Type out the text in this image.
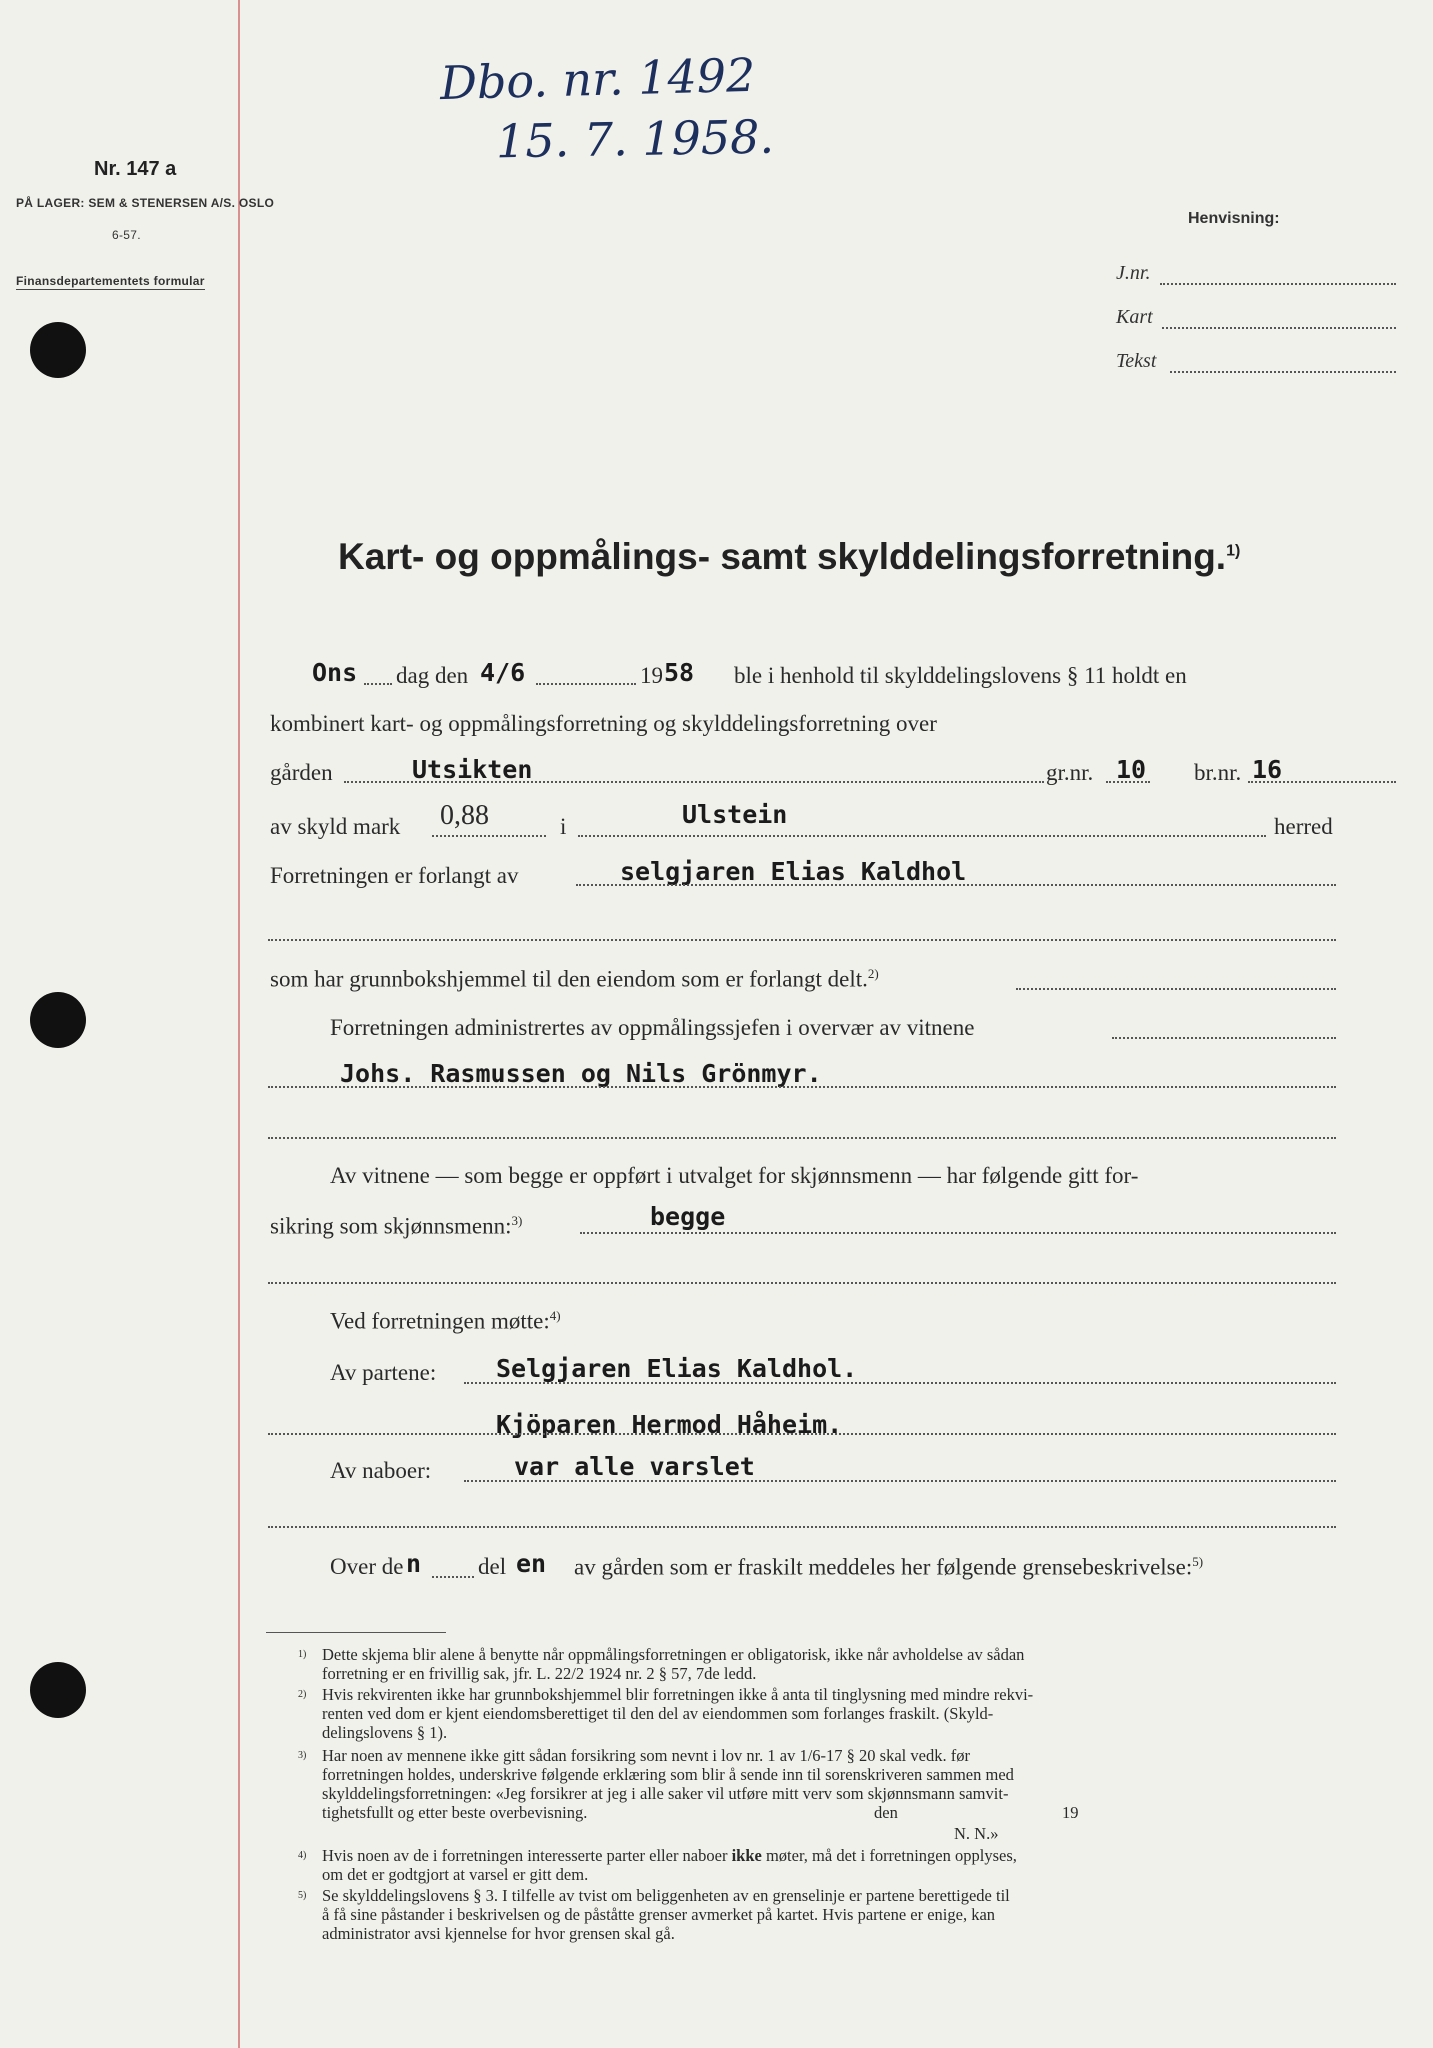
Dbo. nr. 1492
15. 7. 1958.
Nr. 147 a
PÅ LAGER: SEM & STENERSEN A/S. OSLO
6-57.
Finansdepartementets formular
Henvisning:
J.nr.
Kart
Tekst
Kart- og oppmålings- samt skylddelingsforretning.$^{1)}$
Ons dag den 4/6	19 58 ble i henhold til skylddelingslovens § 11 holdt en
kombinert kart- og oppmålingsforretning og skylddelingsforretning over
gården	Utsikten	gr.nr. 10 br.nr. 16
av skyld mark 0,88	i	Ulstein	herred
Forretningen er forlangt av	selgjaren Elias Kaldhol
som har grunnbokshjemmel til den eiendom som er forlangt delt.$^{2)}$
Forretningen administrertes av oppmålingssjefen i overvær av vitnene
Johs. Rasmussen og Nils Grönmyr.
Av vitnene — som begge er oppført i utvalget for skjønnsmenn — har følgende gitt for-
sikring som skjønnsmenn:$^{3)}$	begge
Ved forretningen møtte:$^{4)}$
Av partene: Selgjaren Elias Kaldhol.
Kjöparen Hermod Håheim.
Av naboer:	var alle varslet
Over de n del en av gården som er fraskilt meddeles her følgende grensebeskrivelse:$^{5)}$
$^{1)}$ Dette skjema blir alene å benytte når oppmålingsforretningen er obligatorisk, ikke når avholdelse av sådan
forretning er en frivillig sak, jfr. L. 22/2 1924 nr. 2 § 57, 7de ledd.
$^{2)}$ Hvis rekvirenten ikke har grunnbokshjemmel blir forretningen ikke å anta til tinglysning med mindre rekvi-
renten ved dom er kjent eiendomsberettiget til den del av eiendommen som forlanges fraskilt. (Skyld-
delingslovens § 1).
$^{3)}$ Har noen av mennene ikke gitt sådan forsikring som nevnt i lov nr. 1 av 1/6-17 § 20 skal vedk. før
forretningen holdes, underskrive følgende erklæring som blir å sende inn til sorenskriveren sammen med
skylddelingsforretningen: «Jeg forsikrer at jeg i alle saker vil utføre mitt verv som skjønnsmann samvit-
tighetsfullt og etter beste overbevisning.	den	19
N. N.»
$^{4)}$ Hvis noen av de i forretningen interesserte parter eller naboer ikke møter, må det i forretningen opplyses,
om det er godtgjort at varsel er gitt dem.
$^{5)}$ Se skylddelingslovens § 3. I tilfelle av tvist om beliggenheten av en grenselinje er partene berettigede til
å få sine påstander i beskrivelsen og de påståtte grenser avmerket på kartet. Hvis partene er enige, kan
administrator avsi kjennelse for hvor grensen skal gå.
